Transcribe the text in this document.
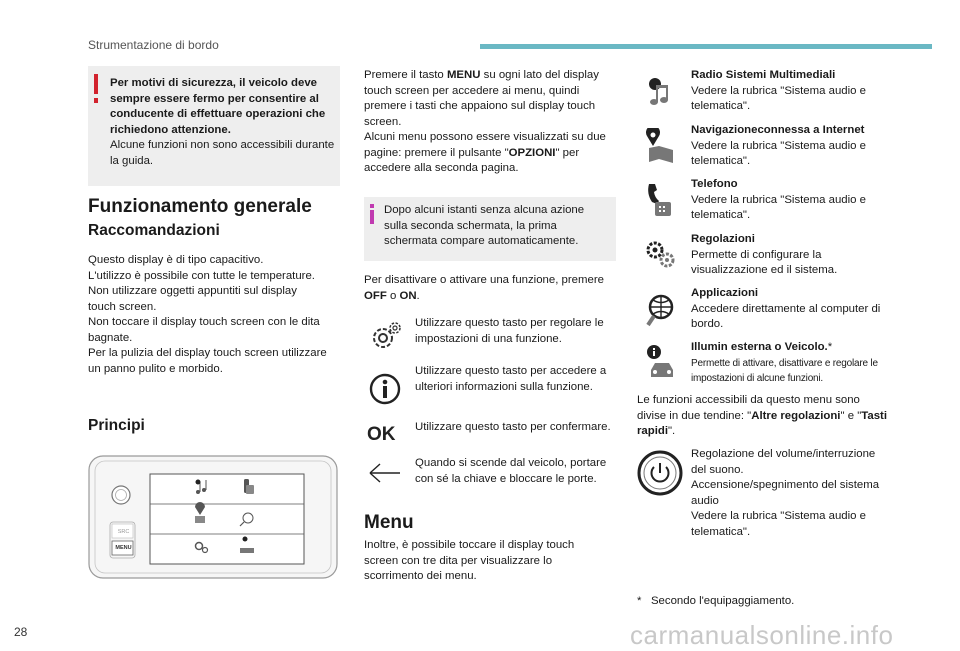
Strumentazione di bordo
Per motivi di sicurezza, il veicolo deve sempre essere fermo per consentire al conducente di effettuare operazioni che richiedono attenzione.
Alcune funzioni non sono accessibili durante la guida.
Funzionamento generale
Raccomandazioni
Questo display è di tipo capacitivo.
L'utilizzo è possibile con tutte le temperature.
Non utilizzare oggetti appuntiti sul display
touch screen.
Non toccare il display touch screen con le dita
bagnate.
Per la pulizia del display touch screen utilizzare
un panno pulito e morbido.
Principi
SRC
MENU
Premere il tasto MENU su ogni lato del display touch screen per accedere ai menu, quindi premere i tasti che appaiono sul display touch screen.
Alcuni menu possono essere visualizzati su due pagine: premere il pulsante "OPZIONI" per accedere alla seconda pagina.
Dopo alcuni istanti senza alcuna azione sulla seconda schermata, la prima schermata compare automaticamente.
Per disattivare o attivare una funzione, premere OFF o ON.
Utilizzare questo tasto per regolare le impostazioni di una funzione.
Utilizzare questo tasto per accedere a ulteriori informazioni sulla funzione.
OK Utilizzare questo tasto per confermare.
Quando si scende dal veicolo, portare con sé la chiave e bloccare le porte.
Menu
Inoltre, è possibile toccare il display touch screen con tre dita per visualizzare lo scorrimento dei menu.
Radio Sistemi Multimediali
Vedere la rubrica "Sistema audio e telematica".
Navigazioneconnessa a Internet
Vedere la rubrica "Sistema audio e telematica".
Telefono
Vedere la rubrica "Sistema audio e telematica".
Regolazioni
Permette di configurare la visualizzazione ed il sistema.
Applicazioni
Accedere direttamente al computer di bordo.
Illumin esterna o Veicolo.*
Permette di attivare, disattivare e regolare le impostazioni di alcune funzioni.
Le funzioni accessibili da questo menu sono divise in due tendine: "Altre regolazioni" e "Tasti rapidi".
Regolazione del volume/interruzione del suono.
Accensione/spegnimento del sistema audio
Vedere la rubrica "Sistema audio e telematica".
* Secondo l'equipaggiamento.
28	carmanualsonline.info
